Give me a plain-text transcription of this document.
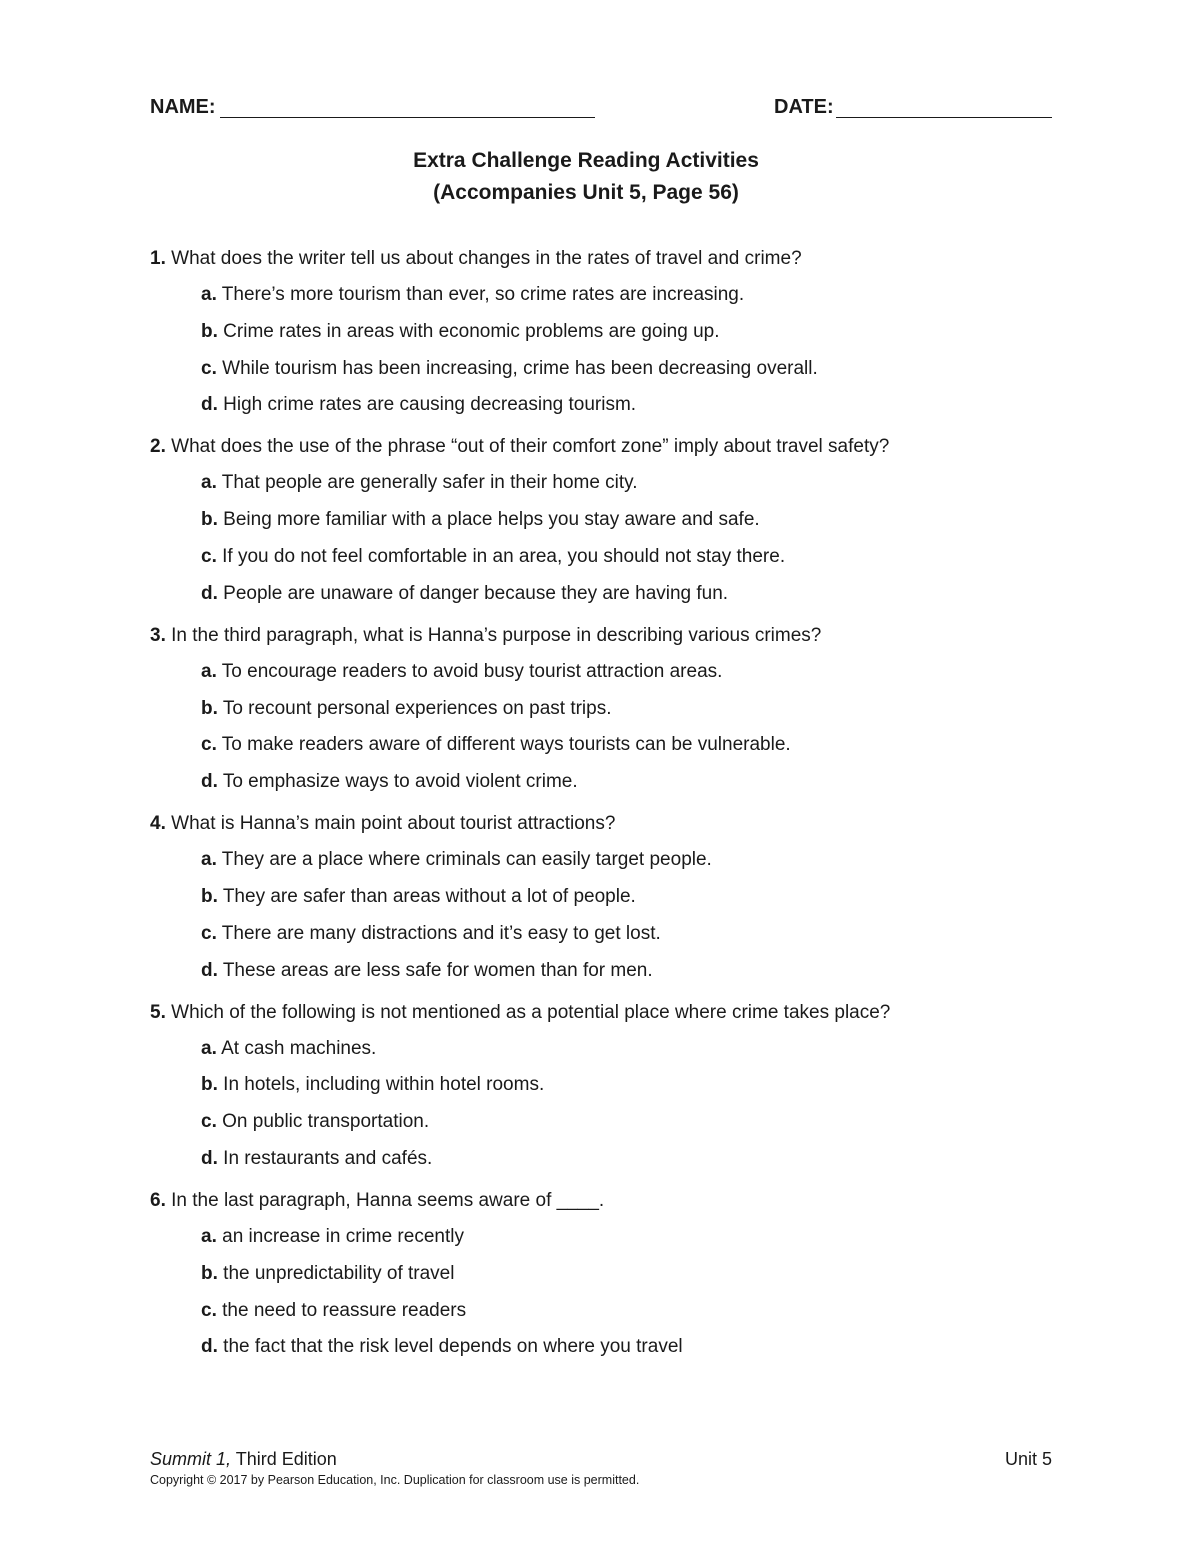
NAME:	DATE:
Extra Challenge Reading Activities
(Accompanies Unit 5, Page 56)
1. What does the writer tell us about changes in the rates of travel and crime?
a. There’s more tourism than ever, so crime rates are increasing.
b. Crime rates in areas with economic problems are going up.
c. While tourism has been increasing, crime has been decreasing overall.
d. High crime rates are causing decreasing tourism.
2. What does the use of the phrase “out of their comfort zone” imply about travel safety?
a. That people are generally safer in their home city.
b. Being more familiar with a place helps you stay aware and safe.
c. If you do not feel comfortable in an area, you should not stay there.
d. People are unaware of danger because they are having fun.
3. In the third paragraph, what is Hanna’s purpose in describing various crimes?
a. To encourage readers to avoid busy tourist attraction areas.
b. To recount personal experiences on past trips.
c. To make readers aware of different ways tourists can be vulnerable.
d. To emphasize ways to avoid violent crime.
4. What is Hanna’s main point about tourist attractions?
a. They are a place where criminals can easily target people.
b. They are safer than areas without a lot of people.
c. There are many distractions and it’s easy to get lost.
d. These areas are less safe for women than for men.
5. Which of the following is not mentioned as a potential place where crime takes place?
a. At cash machines.
b. In hotels, including within hotel rooms.
c. On public transportation.
d. In restaurants and cafés.
6. In the last paragraph, Hanna seems aware of ____.
a. an increase in crime recently
b. the unpredictability of travel
c. the need to reassure readers
d. the fact that the risk level depends on where you travel
Summit 1, Third Edition	Unit 5
Copyright © 2017 by Pearson Education, Inc. Duplication for classroom use is permitted.
